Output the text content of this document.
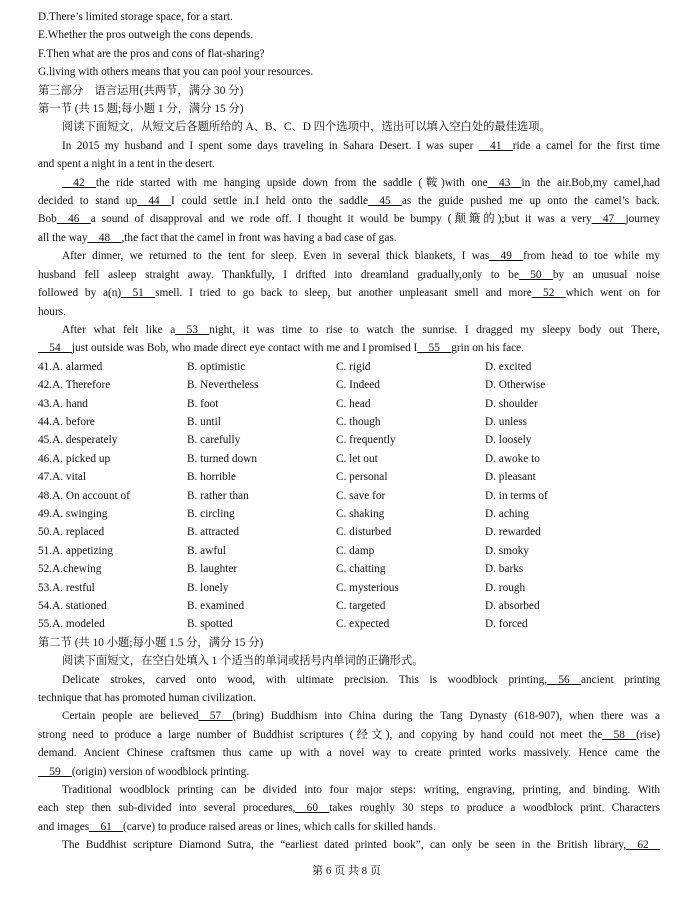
D.There’s limited storage space, for a start.
E.Whether the pros outweigh the cons depends.
F.Then what are the pros and cons of flat-sharing?
G.living with others means that you can pool your resources.
第三部分　语言运用(共两节，满分 30 分)
第一节 (共 15 题;每小题 1 分，满分 15 分)
阅读下面短文，从短文后各题所给的 A、B、C、D 四个选项中，选出可以填入空白处的最佳选项。
In 2015 my husband and I spent some days traveling in Sahara Desert. I was super __41__ride a camel for the first time
and spent a night in a tent in the desert.
__42__the ride started with me hanging upside down from the saddle (鞍)with one__43__in the air.Bob,my camel,had
decided to stand up__44__I could settle in.I held onto the saddle__45__as the guide pushed me up onto the camel’s back.
Bob__46__a sound of disapproval and we rode off. I thought it would be bumpy (颠簸的);but it was a very__47__journey
all the way__48__,the fact that the camel in front was having a bad case of gas.
After dinner, we returned to the tent for sleep. Even in several thick blankets, I was__49__from head to toe while my
husband fell asleep straight away. Thankfully, I drifted into dreamland gradually,only to be__50__by an unusual noise
followed by a(n)__51__smell. I tried to go back to sleep, but another unpleasant smell and more__52__which went on for
hours.
After what felt like a__53__night, it was time to rise to watch the sunrise. I dragged my sleepy body out There,
__54__just outside was Bob, who made direct eye contact with me and I promised I__55__grin on his face.
41.A. alarmed	B. optimistic	C. rigid	D. excited
42.A. Therefore	B. Nevertheless	C. Indeed	D. Otherwise
43.A. hand	B. foot	C. head	D. shoulder
44.A. before	B. until	C. though	D. unless
45.A. desperately	B. carefully	C. frequently	D. loosely
46.A. picked up	B. turned down	C. let out	D. awoke to
47.A. vital	B. horrible	C. personal	D. pleasant
48.A. On account of	B. rather than	C. save for	D. in terms of
49.A. swinging	B. circling	C. shaking	D. aching
50.A. replaced	B. attracted	C. disturbed	D. rewarded
51.A. appetizing	B. awful	C. damp	D. smoky
52.A.chewing	B. laughter	C. chatting	D. barks
53.A. restful	B. lonely	C. mysterious	D. rough
54.A. stationed	B. examined	C. targeted	D. absorbed
55.A. modeled	B. spotted	C. expected	D. forced
第二节 (共 10 小题;每小题 1.5 分，满分 15 分)
阅读下面短文，在空白处填入 1 个适当的单词或括号内单词的正确形式。
Delicate strokes, carved onto wood, with ultimate precision. This is woodblock printing,__56__ancient printing
technique that has promoted human civilization.
Certain people are believed__57__(bring) Buddhism into China during the Tang Dynasty (618-907), when there was a
strong need to produce a large number of Buddhist scriptures (经文), and copying by hand could not meet the__58__(rise)
demand. Ancient Chinese craftsmen thus came up with a novel way to create printed works massively. Hence came the
__59__(origin) version of woodblock printing.
Traditional woodblock printing can be divided into four major steps: writing, engraving, printing, and binding. With
each step then sub-divided into several procedures,__60__takes roughly 30 steps to produce a woodblock print. Characters
and images__61__(carve) to produce raised areas or lines, which calls for skilled hands.
The Buddhist scripture Diamond Sutra, the “earliest dated printed book”, can only be seen in the British library,__62__
第 6 页 共 8 页
